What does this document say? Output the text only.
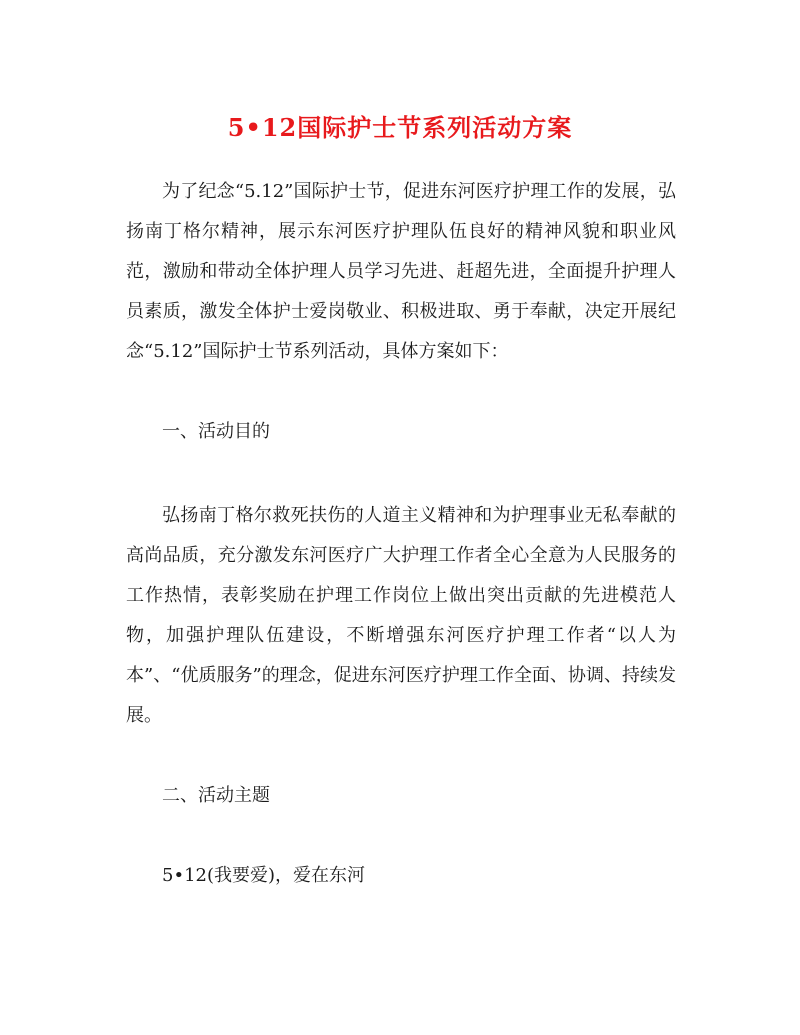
5•12国际护士节系列活动方案

为了纪念“5.12”国际护士节，促进东河医疗护理工作的发展，弘扬南丁格尔精神，展示东河医疗护理队伍良好的精神风貌和职业风范，激励和带动全体护理人员学习先进、赶超先进，全面提升护理人员素质，激发全体护士爱岗敬业、积极进取、勇于奉献，决定开展纪念“5.12”国际护士节系列活动，具体方案如下：

一、活动目的

弘扬南丁格尔救死扶伤的人道主义精神和为护理事业无私奉献的高尚品质，充分激发东河医疗广大护理工作者全心全意为人民服务的工作热情，表彰奖励在护理工作岗位上做出突出贡献的先进模范人物，加强护理队伍建设，不断增强东河医疗护理工作者“以人为本”、“优质服务”的理念，促进东河医疗护理工作全面、协调、持续发展。

二、活动主题

5•12(我要爱)，爱在东河
